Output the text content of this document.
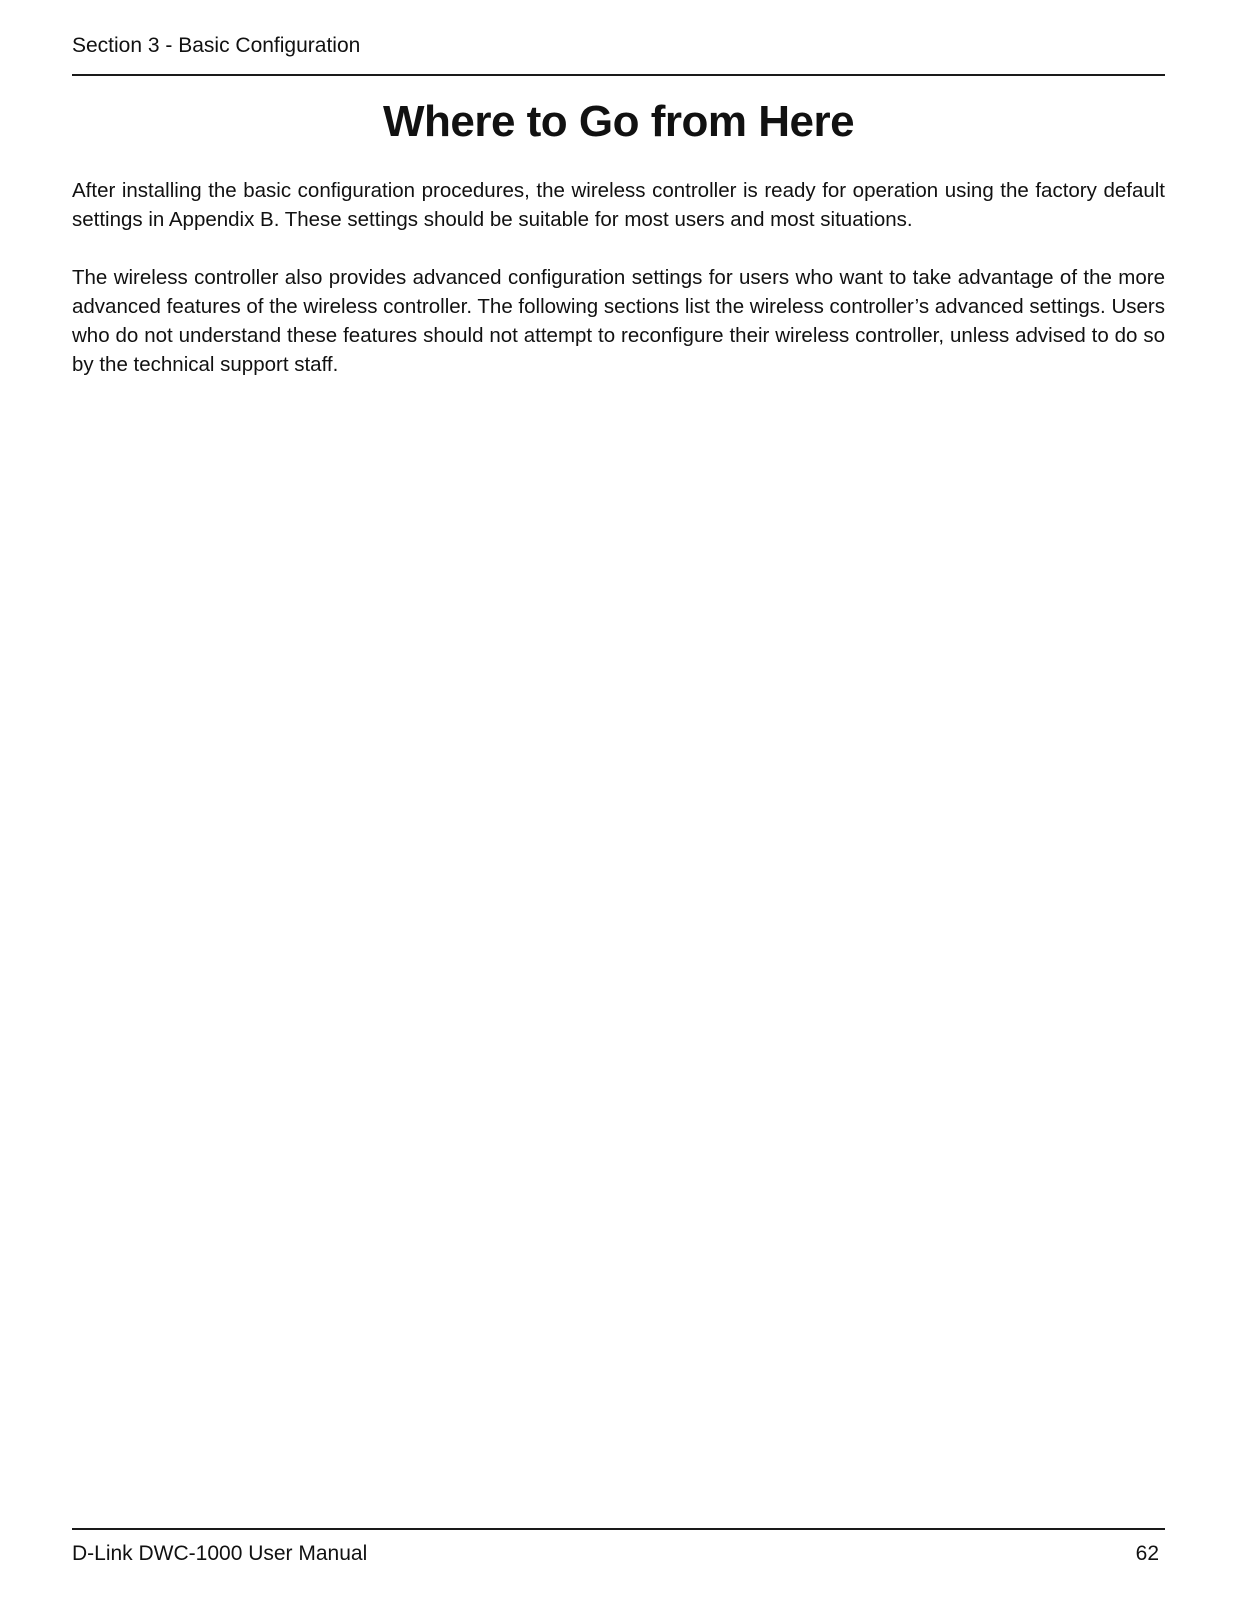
Section 3 - Basic Configuration
Where to Go from Here

After installing the basic configuration procedures, the wireless controller is ready for operation using the factory default settings in Appendix B. These settings should be suitable for most users and most situations.

The wireless controller also provides advanced configuration settings for users who want to take advantage of the more advanced features of the wireless controller. The following sections list the wireless controller’s advanced settings. Users who do not understand these features should not attempt to reconfigure their wireless controller, unless advised to do so by the technical support staff.

D-Link DWC-1000 User Manual	62
